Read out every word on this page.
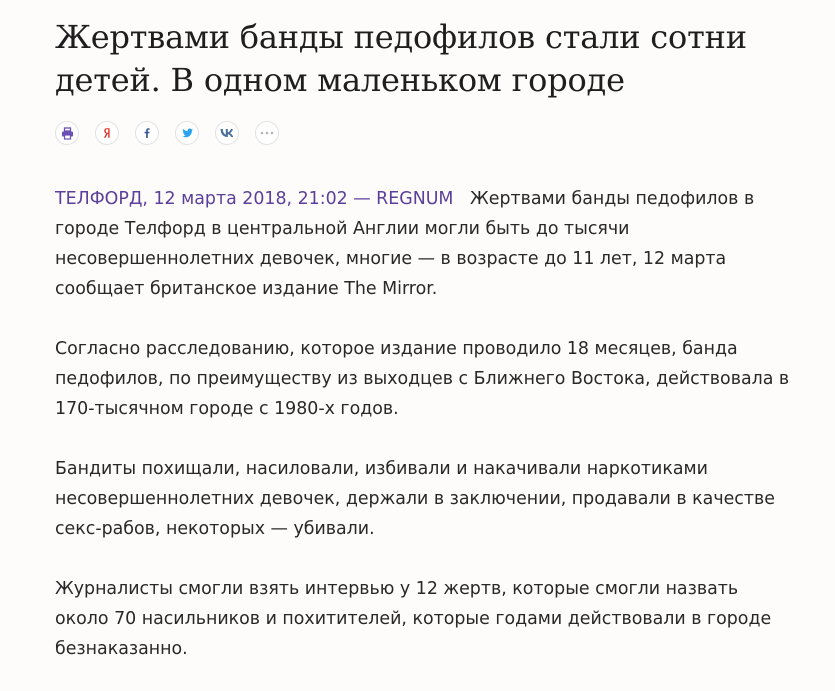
Жертвами банды педофилов стали сотни детей. В одном маленьком городе

ТЕЛФОРД, 12 марта 2018, 21:02 — REGNUM Жертвами банды педофилов в городе Телфорд в центральной Англии могли быть до тысячи несовершеннолетних девочек, многие — в возрасте до 11 лет, 12 марта сообщает британское издание The Mirror.

Согласно расследованию, которое издание проводило 18 месяцев, банда педофилов, по преимуществу из выходцев с Ближнего Востока, действовала в 170-тысячном городе с 1980-х годов.

Бандиты похищали, насиловали, избивали и накачивали наркотиками несовершеннолетних девочек, держали в заключении, продавали в качестве секс-рабов, некоторых — убивали.

Журналисты смогли взять интервью у 12 жертв, которые смогли назвать около 70 насильников и похитителей, которые годами действовали в городе безнаказанно.
